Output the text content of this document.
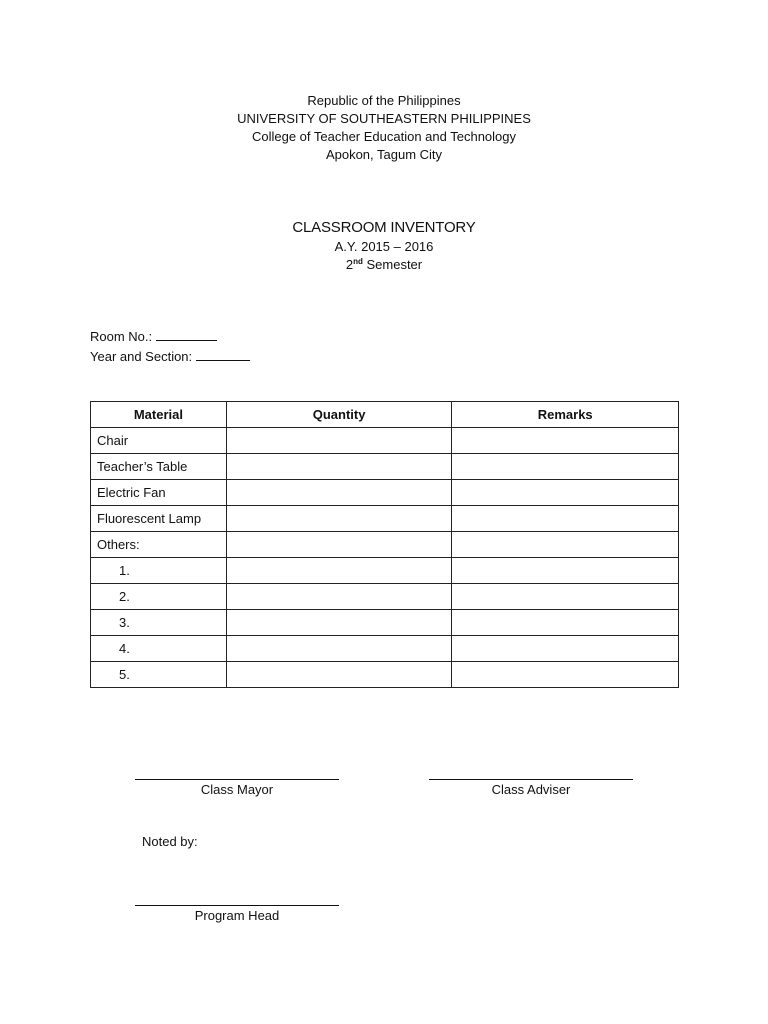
Republic of the Philippines
UNIVERSITY OF SOUTHEASTERN PHILIPPINES
College of Teacher Education and Technology
Apokon, Tagum City
CLASSROOM INVENTORY
A.Y. 2015 – 2016
2nd Semester
Room No.:
Year and Section:
Material	Quantity	Remarks
Chair		
Teacher’s Table		
Electric Fan		
Fluorescent Lamp		
Others:		
1.		
2.		
3.		
4.		
5.		
Class Mayor	Class Adviser
Noted by:
Program Head
